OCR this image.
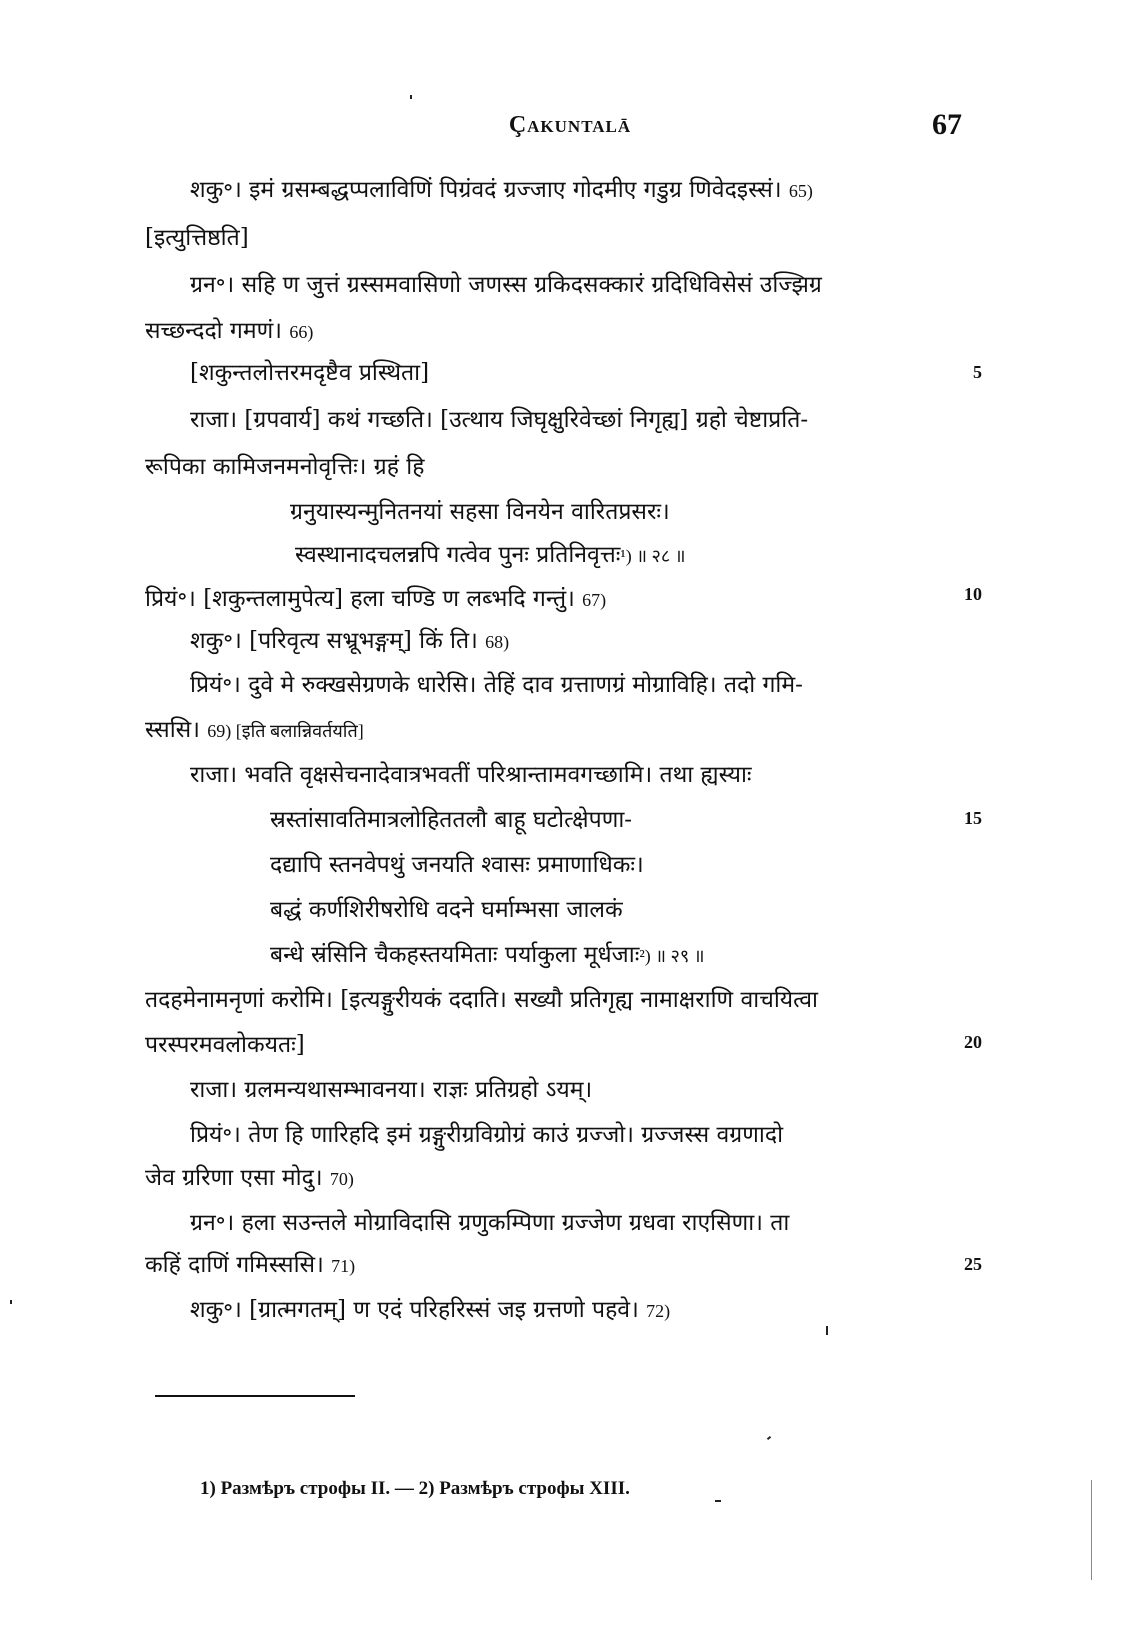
Çakuntalā	67
शकु॰। इमं ग्रसम्बद्धप्पलाविणिं पिग्रंवदं ग्रज्जाए गोदमीए गडुग्र णिवेदइस्सं। 65)
[इत्युत्तिष्ठति]
ग्रन॰। सहि ण जुत्तं ग्रस्समवासिणो जणस्स ग्रकिदसक्कारं ग्रदिधिविसेसं उज्झिग्र
सच्छन्ददो गमणं। 66)
[शकुन्तलोत्तरमदृष्टैव प्रस्थिता]
राजा। [ग्रपवार्य] कथं गच्छति। [उत्थाय जिघृक्षुरिवेच्छां निगृह्य] ग्रहो चेष्टाप्रति-
रूपिका कामिजनमनोवृत्तिः। ग्रहं हि
ग्रनुयास्यन्मुनितनयां सहसा विनयेन वारितप्रसरः।
स्वस्थानादचलन्नपि गत्वेव पुनः प्रतिनिवृत्तः¹) ॥ २८ ॥
प्रियं॰। [शकुन्तलामुपेत्य] हला चण्डि ण लब्भदि गन्तुं। 67)
शकु॰। [परिवृत्य सभ्रूभङ्गम्] किं ति। 68)
प्रियं॰। दुवे मे रुक्खसेग्रणके धारेसि। तेहिं दाव ग्रत्ताणग्रं मोग्राविहि। तदो गमि-
स्ससि। 69) [इति बलान्निवर्तयति]
राजा। भवति वृक्षसेचनादेवात्रभवतीं परिश्रान्तामवगच्छामि। तथा ह्यस्याः
स्रस्तांसावतिमात्रलोहिततलौ बाहू घटोत्क्षेपणा-
दद्यापि स्तनवेपथुं जनयति श्वासः प्रमाणाधिकः।
बद्धं कर्णशिरीषरोधि वदने घर्माम्भसा जालकं
बन्धे स्रंसिनि चैकहस्तयमिताः पर्याकुला मूर्धजाः²) ॥ २९ ॥
तदहमेनामनृणां करोमि। [इत्यङ्गुरीयकं ददाति। सख्यौ प्रतिगृह्य नामाक्षराणि वाचयित्वा
परस्परमवलोकयतः]
राजा। ग्रलमन्यथासम्भावनया। राज्ञः प्रतिग्रहो ऽयम्।
प्रियं॰। तेण हि णारिहदि इमं ग्रङ्गुरीग्रविग्रोग्रं काउं ग्रज्जो। ग्रज्जस्स वग्रणादो
जेव ग्ररिणा एसा मोदु। 70)
ग्रन॰। हला सउन्तले मोग्राविदासि ग्रणुकम्पिणा ग्रज्जेण ग्रधवा राएसिणा। ता
कहिं दाणिं गमिस्ससि। 71)
शकु॰। [ग्रात्मगतम्] ण एदं परिहरिस्सं जइ ग्रत्तणो पहवे। 72)
5
10
15
20
25
1) Размѣръ строфы II. — 2) Размѣръ строфы XIII.
